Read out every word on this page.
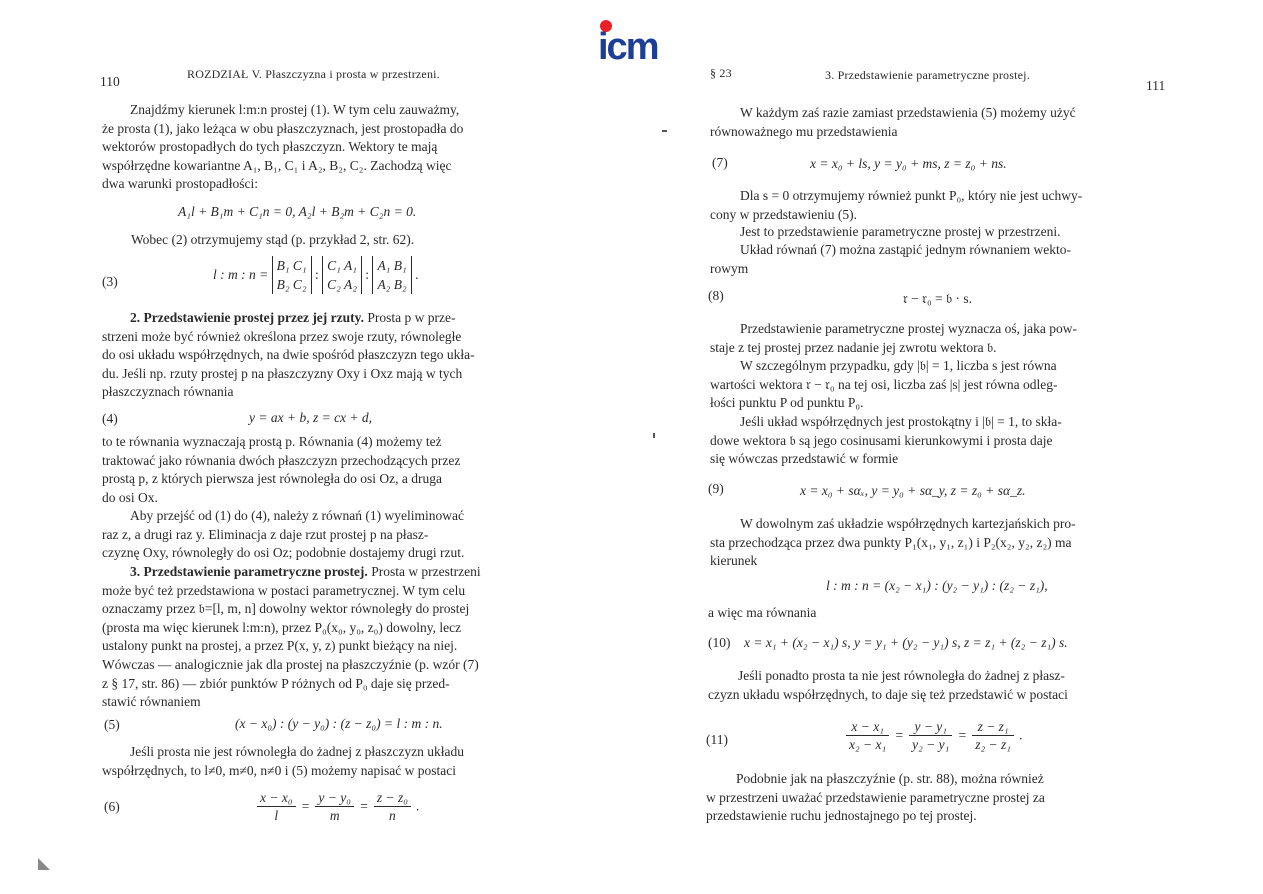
icm
110	ROZDZIAŁ V. Płaszczyzna i prosta w przestrzeni.
Znajdźmy kierunek l:m:n prostej (1). W tym celu zauważmy,
że prosta (1), jako leżąca w obu płaszczyznach, jest prostopadła do
wektorów prostopadłych do tych płaszczyzn. Wektory te mają
współrzędne kowariantne A₁, B₁, C₁ i A₂, B₂, C₂. Zachodzą więc
dwa warunki prostopadłości:
A₁l + B₁m + C₁n = 0, A₂l + B₂m + C₂n = 0.
Wobec (2) otrzymujemy stąd (p. przykład 2, str. 62).
(3)	l : m : n = B₁ C₁
B₂ C₂ : C₁ A₁
C₂ A₂ : A₁ B₁
A₂ B₂ .
2. Przedstawienie prostej przez jej rzuty. Prosta p w prze-
strzeni może być również określona przez swoje rzuty, równoległe
do osi układu współrzędnych, na dwie spośród płaszczyzn tego ukła-
du. Jeśli np. rzuty prostej p na płaszczyzny Oxy i Oxz mają w tych
płaszczyznach równania
(4)	y = ax + b, z = cx + d,
to te równania wyznaczają prostą p. Równania (4) możemy też
traktować jako równania dwóch płaszczyzn przechodzących przez
prostą p, z których pierwsza jest równoległa do osi Oz, a druga
do osi Ox.
Aby przejść od (1) do (4), należy z równań (1) wyeliminować
raz z, a drugi raz y. Eliminacja z daje rzut prostej p na płasz-
czyznę Oxy, równoległy do osi Oz; podobnie dostajemy drugi rzut.
3. Przedstawienie parametryczne prostej. Prosta w przestrzeni
może być też przedstawiona w postaci parametrycznej. W tym celu
oznaczamy przez 𝔟=[l, m, n] dowolny wektor równoległy do prostej
(prosta ma więc kierunek l:m:n), przez P₀(x₀, y₀, z₀) dowolny, lecz
ustalony punkt na prostej, a przez P(x, y, z) punkt bieżący na niej.
Wówczas — analogicznie jak dla prostej na płaszczyźnie (p. wzór (7)
z § 17, str. 86) — zbiór punktów P różnych od P₀ daje się przed-
stawić równaniem
(5)	(x − x₀) : (y − y₀) : (z − z₀) = l : m : n.
Jeśli prosta nie jest równoległa do żadnej z płaszczyzn układu
współrzędnych, to l≠0, m≠0, n≠0 i (5) możemy napisać w postaci
(6)	$\frac{\text{x − x₀}}{l} = \frac{\text{y − y₀}}{m} = \frac{\text{z − z₀}}{n}$ .
§ 23	3. Przedstawienie parametryczne prostej.
111
W każdym zaś razie zamiast przedstawienia (5) możemy użyć
równoważnego mu przedstawienia
(7)	x = x₀ + ls, y = y₀ + ms, z = z₀ + ns.
Dla s = 0 otrzymujemy również punkt P₀, który nie jest uchwy-
cony w przedstawieniu (5).
Jest to przedstawienie parametryczne prostej w przestrzeni.
Układ równań (7) można zastąpić jednym równaniem wekto-
rowym
(8)	𝔯 − 𝔯₀ = 𝔟 · s.
Przedstawienie parametryczne prostej wyznacza oś, jaka pow-
staje z tej prostej przez nadanie jej zwrotu wektora 𝔟.
W szczególnym przypadku, gdy |𝔟| = 1, liczba s jest równa
wartości wektora 𝔯 − 𝔯₀ na tej osi, liczba zaś |s| jest równa odleg-
łości punktu P od punktu P₀.
Jeśli układ współrzędnych jest prostokątny i |𝔟| = 1, to skła-
dowe wektora 𝔟 są jego cosinusami kierunkowymi i prosta daje
się wówczas przedstawić w formie
(9)	x = x₀ + sαₓ, y = y₀ + sα_y, z = z₀ + sα_z.
W dowolnym zaś układzie współrzędnych kartezjańskich pro-
sta przechodząca przez dwa punkty P₁(x₁, y₁, z₁) i P₂(x₂, y₂, z₂) ma
kierunek
l : m : n = (x₂ − x₁) : (y₂ − y₁) : (z₂ − z₁),
a więc ma równania
(10) x = x₁ + (x₂ − x₁) s, y = y₁ + (y₂ − y₁) s, z = z₁ + (z₂ − z₁) s.
Jeśli ponadto prosta ta nie jest równoległa do żadnej z płasz-
czyzn układu współrzędnych, to daje się też przedstawić w postaci
(11)	$\frac{\text{x − x₁}}{\text{x₂ − x₁}} = \frac{\text{y − y₁}}{\text{y₂ − y₁}} = \frac{\text{z − z₁}}{\text{z₂ − z₁}}$ .
Podobnie jak na płaszczyźnie (p. str. 88), można również
w przestrzeni uważać przedstawienie parametryczne prostej za
przedstawienie ruchu jednostajnego po tej prostej.
